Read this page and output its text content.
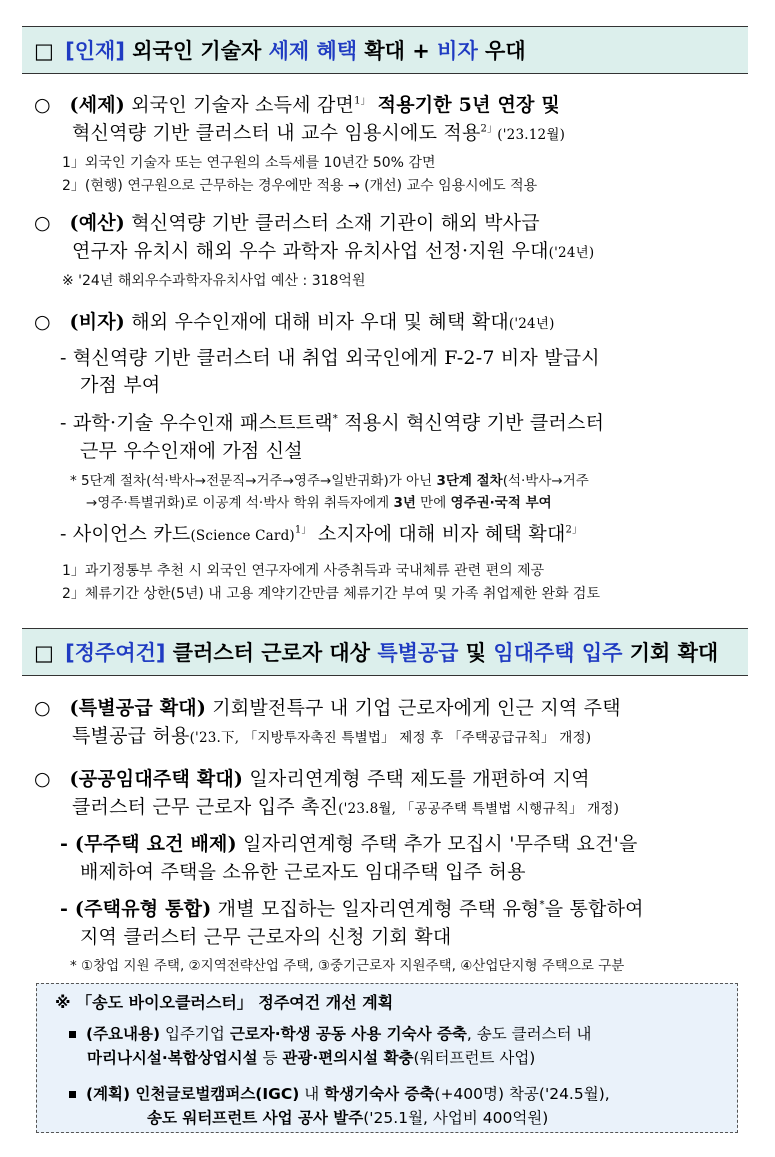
□ [인재] 외국인 기술자 세제 혜택 확대 + 비자 우대
○ (세제) 외국인 기술자 소득세 감면$^{1」}$ 적용기한 5년 연장 및
혁신역량 기반 클러스터 내 교수 임용시에도 적용$^{2」}$('23.12월)
1」외국인 기술자 또는 연구원의 소득세를 10년간 50% 감면
2」(현행) 연구원으로 근무하는 경우에만 적용 → (개선) 교수 임용시에도 적용
○ (예산) 혁신역량 기반 클러스터 소재 기관이 해외 박사급
연구자 유치시 해외 우수 과학자 유치사업 선정·지원 우대('24년)
※ '24년 해외우수과학자유치사업 예산 : 318억원
○ (비자) 해외 우수인재에 대해 비자 우대 및 혜택 확대('24년)
- 혁신역량 기반 클러스터 내 취업 외국인에게 F-2-7 비자 발급시
가점 부여
- 과학·기술 우수인재 패스트트랙* 적용시 혁신역량 기반 클러스터
근무 우수인재에 가점 신설
* 5단계 절차(석·박사→전문직→거주→영주→일반귀화)가 아닌 3단계 절차(석·박사→거주
→영주·특별귀화)로 이공계 석·박사 학위 취득자에게 3년 만에 영주권·국적 부여
- 사이언스 카드(Science Card)$^{1」}$ 소지자에 대해 비자 혜택 확대$^{2」}$
1」과기정통부 추천 시 외국인 연구자에게 사증취득과 국내체류 관련 편의 제공
2」체류기간 상한(5년) 내 고용 계약기간만큼 체류기간 부여 및 가족 취업제한 완화 검토
□ [정주여건] 클러스터 근로자 대상 특별공급 및 임대주택 입주 기회 확대
○ (특별공급 확대) 기회발전특구 내 기업 근로자에게 인근 지역 주택
특별공급 허용('23.下, 「지방투자촉진 특별법」 제정 후 「주택공급규칙」 개정)
○ (공공임대주택 확대) 일자리연계형 주택 제도를 개편하여 지역
클러스터 근무 근로자 입주 촉진('23.8월, 「공공주택 특별법 시행규칙」 개정)
- (무주택 요건 배제) 일자리연계형 주택 추가 모집시 '무주택 요건'을
배제하여 주택을 소유한 근로자도 임대주택 입주 허용
- (주택유형 통합) 개별 모집하는 일자리연계형 주택 유형*을 통합하여
지역 클러스터 근무 근로자의 신청 기회 확대
* ①창업 지원 주택, ②지역전략산업 주택, ③중기근로자 지원주택, ④산업단지형 주택으로 구분
※ 「송도 바이오클러스터」 정주여건 개선 계획
(주요내용) 입주기업 근로자·학생 공동 사용 기숙사 증축, 송도 클러스터 내
마리나시설·복합상업시설 등 관광·편의시설 확충(워터프런트 사업)
(계획) 인천글로벌캠퍼스(IGC) 내 학생기숙사 증축(+400명) 착공('24.5월),
송도 워터프런트 사업 공사 발주('25.1월, 사업비 400억원)
